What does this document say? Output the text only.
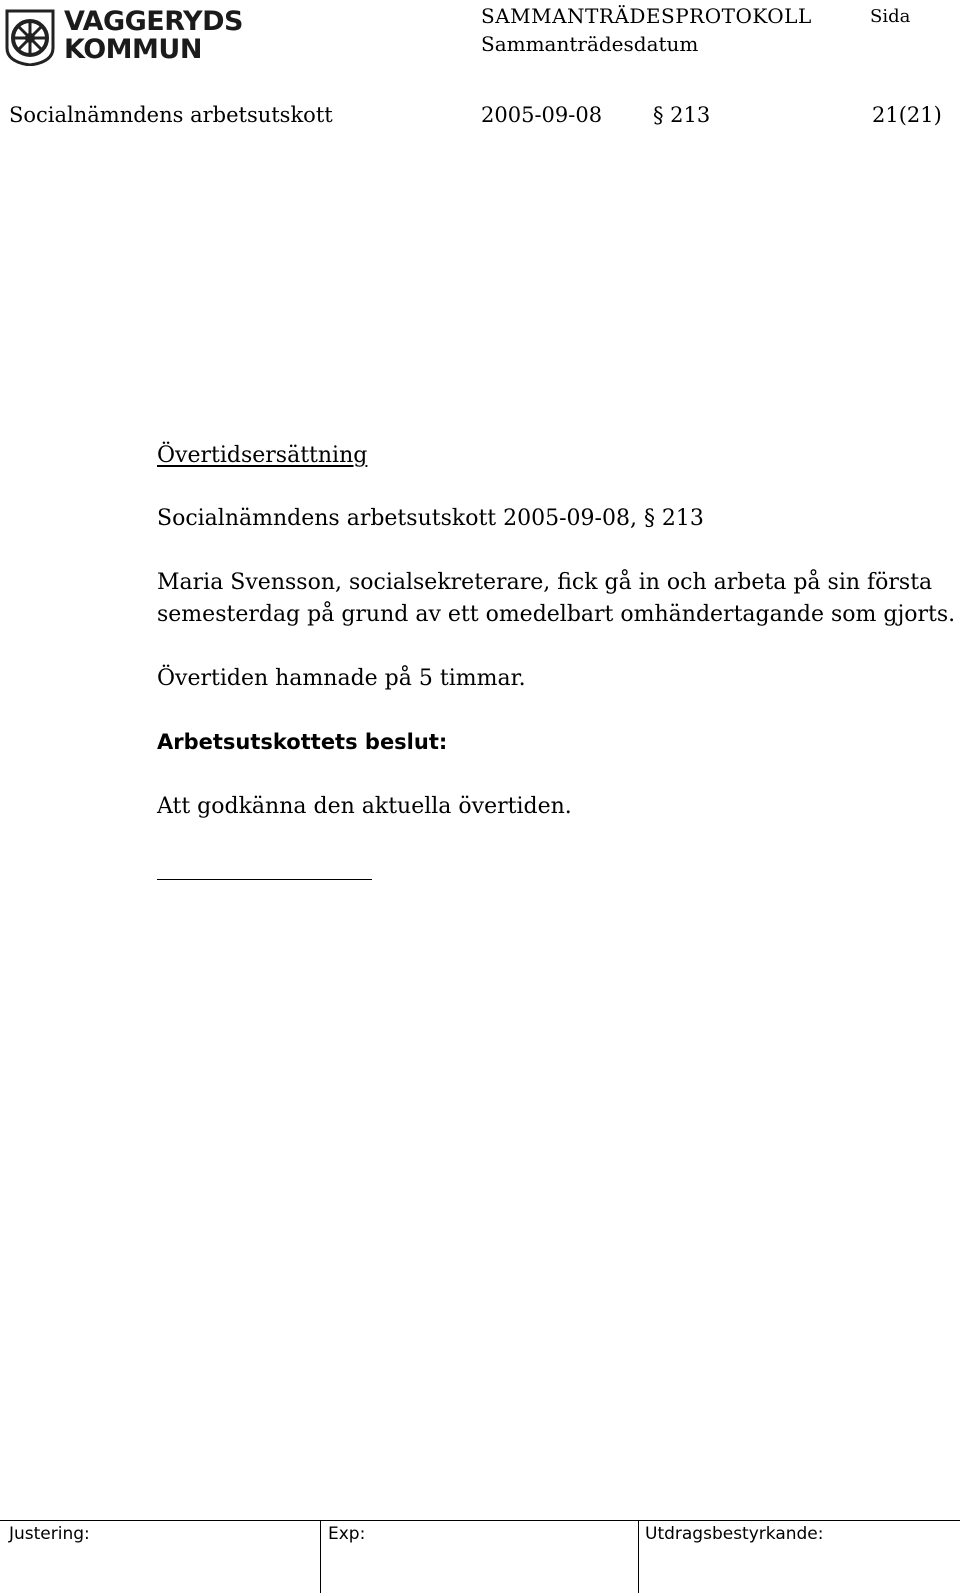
VAGGERYDS
KOMMUN
SAMMANTRÄDESPROTOKOLL	Sida
Sammanträdesdatum
Socialnämndens arbetsutskott	2005-09-08 § 213	21(21)
Övertidsersättning
Socialnämndens arbetsutskott 2005-09-08, § 213
Maria Svensson, socialsekreterare, fick gå in och arbeta på sin första
semesterdag på grund av ett omedelbart omhändertagande som gjorts.
Övertiden hamnade på 5 timmar.
Arbetsutskottets beslut:
Att godkänna den aktuella övertiden.
Justering:	Exp:	Utdragsbestyrkande:
